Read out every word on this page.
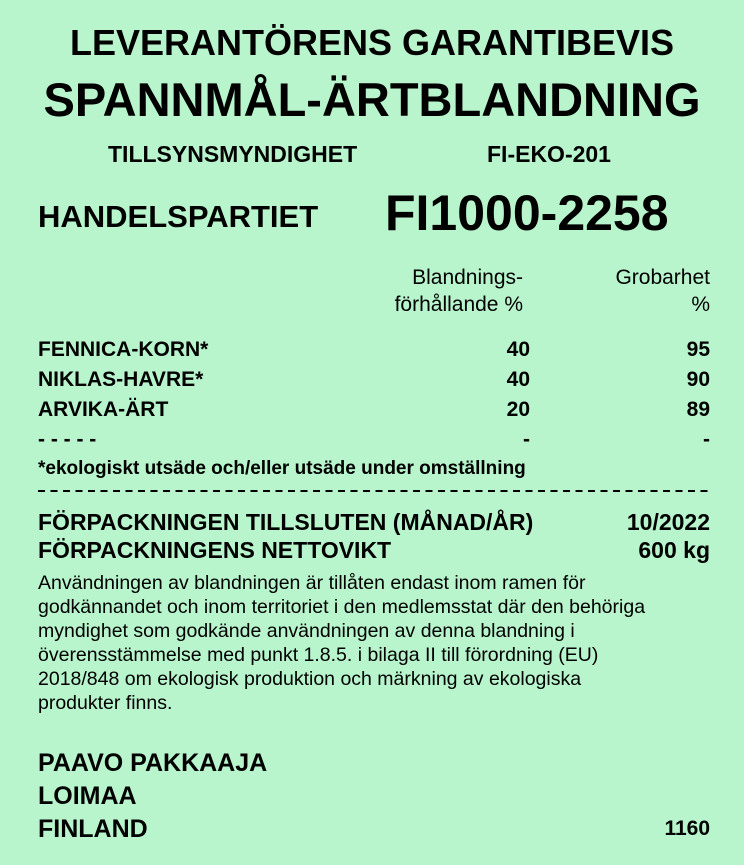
LEVERANTÖRENS GARANTIBEVIS
SPANNMÅL-ÄRTBLANDNING
TILLSYNSMYNDIGHET	FI-EKO-201
HANDELSPARTIET FI1000-2258
Blandnings-
förhållande %
Grobarhet
%
FENNICA-KORN*	40	95
NIKLAS-HAVRE*	40	90
ARVIKA-ÄRT	20	89
- - - - -	-	-
*ekologiskt utsäde och/eller utsäde under omställning
FÖRPACKNINGEN TILLSLUTEN (MÅNAD/ÅR)	10/2022
FÖRPACKNINGENS NETTOVIKT	600 kg
Användningen av blandningen är tillåten endast inom ramen för
godkännandet och inom territoriet i den medlemsstat där den behöriga
myndighet som godkände användningen av denna blandning i
överensstämmelse med punkt 1.8.5. i bilaga II till förordning (EU)
2018/848 om ekologisk produktion och märkning av ekologiska
produkter finns.
PAAVO PAKKAAJA
LOIMAA
FINLAND	1160
